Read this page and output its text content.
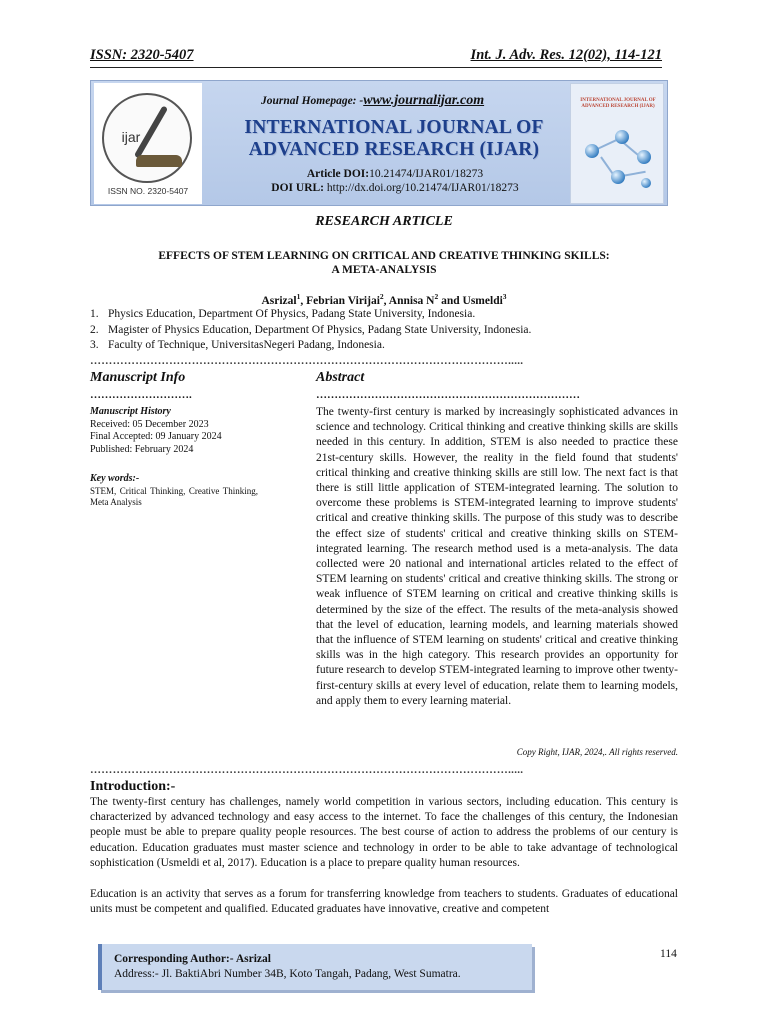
ISSN: 2320-5407	Int. J. Adv. Res. 12(02), 114-121
ijar
ISSN NO. 2320-5407
Journal Homepage: -www.journalijar.com
INTERNATIONAL JOURNAL OF
ADVANCED RESEARCH (IJAR)
Article DOI:10.21474/IJAR01/18273
DOI URL: http://dx.doi.org/10.21474/IJAR01/18273
INTERNATIONAL JOURNAL OF ADVANCED RESEARCH (IJAR)
RESEARCH ARTICLE
EFFECTS OF STEM LEARNING ON CRITICAL AND CREATIVE THINKING SKILLS:
A META-ANALYSIS
Asrizal$^1$, Febrian Virijai$^2$, Annisa $N^2$ and Usmeldi$^3$
1. Physics Education, Department Of Physics, Padang State University, Indonesia.
2. Magister of Physics Education, Department Of Physics, Padang State University, Indonesia.
3. Faculty of Technique, UniversitasNegeri Padang, Indonesia.
………………………………………………………………………………………………….....
Manuscript Info	Abstract
……………………….	………………………………………………………………
Manuscript History
Received: 05 December 2023
Final Accepted: 09 January 2024
Published: February 2024
Key words:-
STEM, Critical Thinking, Creative Thinking, Meta Analysis
The twenty-first century is marked by increasingly sophisticated advances in science and technology. Critical thinking and creative thinking skills are skills needed in this century. In addition, STEM is also needed to practice these 21st-century skills. However, the reality in the field found that students' critical thinking and creative thinking skills are still low. The next fact is that there is still little application of STEM-integrated learning. The solution to overcome these problems is STEM-integrated learning to improve students' critical and creative thinking skills. The purpose of this study was to describe the effect size of students' critical and creative thinking skills on STEM-integrated learning. The research method used is a meta-analysis. The data collected were 20 national and international articles related to the effect of STEM learning on students' critical and creative thinking skills. The strong or weak influence of STEM learning on critical and creative thinking skills is determined by the size of the effect. The results of the meta-analysis showed that the level of education, learning models, and learning materials showed that the influence of STEM learning on students' critical and creative thinking skills was in the high category. This research provides an opportunity for future research to develop STEM-integrated learning to improve other twenty-first-century skills at every level of education, relate them to learning models, and apply them to every learning material.
Copy Right, IJAR, 2024,. All rights reserved.
………………………………………………………………………………………………….....
Introduction:-
The twenty-first century has challenges, namely world competition in various sectors, including education. This century is characterized by advanced technology and easy access to the internet. To face the challenges of this century, the Indonesian people must be able to prepare quality people resources. The best course of action to address the problems of our century is education. Education graduates must master science and technology in order to be able to take advantage of technological sophistication (Usmeldi et al, 2017). Education is a place to prepare quality human resources.
Education is an activity that serves as a forum for transferring knowledge from teachers to students. Graduates of educational units must be competent and qualified. Educated graduates have innovative, creative and competent
Corresponding Author:- Asrizal
Address:- Jl. BaktiAbri Number 34B, Koto Tangah, Padang, West Sumatra.
114
